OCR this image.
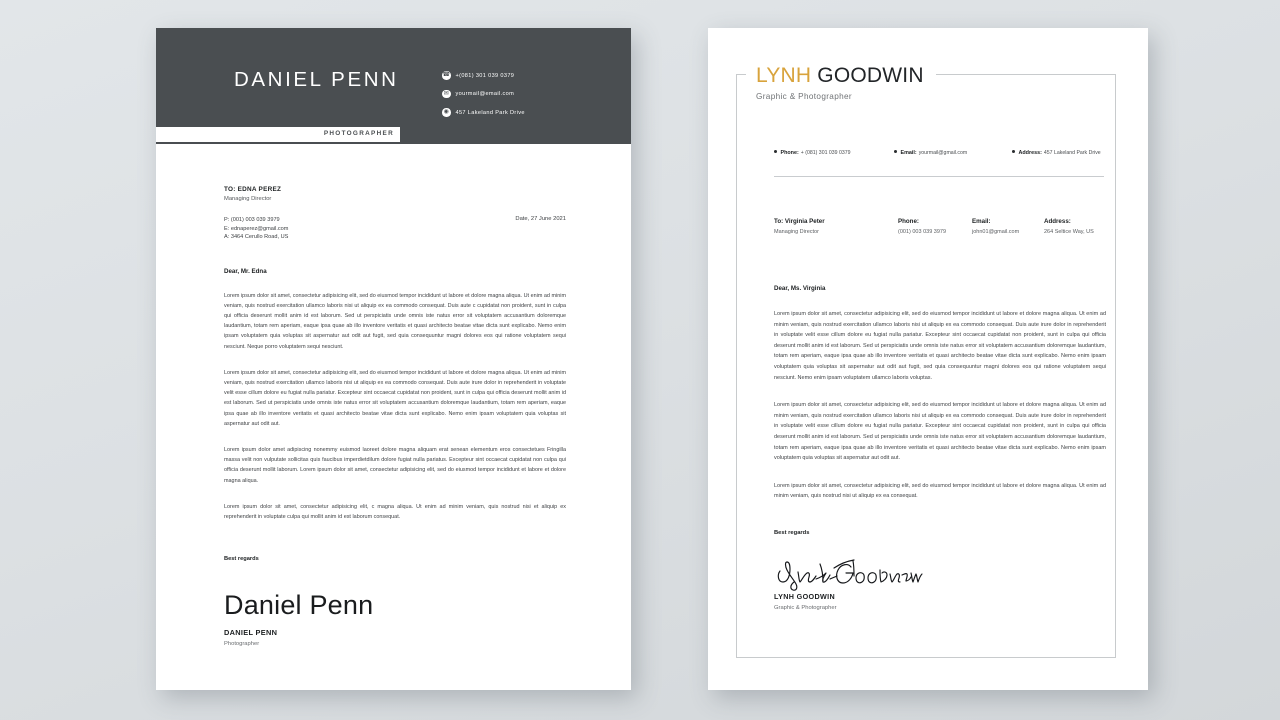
DANIEL PENN
PHOTOGRAPHER
☎ +(081) 301 039 0379
✉	yourmail@email.com
◉ 457 Lakeland Park Drive
TO: EDNA PEREZ
Managing Director
P: (001) 003 039 3979
E: ednaperez@gmail.com
A: 3464 Cerullo Road, US
Date, 27 June 2021
Dear, Mr. Edna
Lorem ipsum dolor sit amet, consectetur adipisicing elit, sed do eiusmod tempor incididunt ut labore et dolore magna aliqua. Ut enim ad minim veniam, quis nostrud exercitation ullamco laboris nisi ut aliquip ex ea commodo consequat. Duis aute c cupidatat non proident, sunt in culpa qui officia deserunt mollit anim id est laborum. Sed ut perspiciatis unde omnis iste natus error sit voluptatem accusantium doloremque laudantium, totam rem aperiam, eaque ipsa quae ab illo inventore veritatis et quasi architecto beatae vitae dicta sunt explicabo. Nemo enim ipsam voluptatem quia voluptas sit aspernatur aut odit aut fugit, sed quia consequuntur magni dolores eos qui ratione voluptatem sequi nesciunt. Neque porro voluptatem sequi nesciunt.
Lorem ipsum dolor sit amet, consectetur adipisicing elit, sed do eiusmod tempor incididunt ut labore et dolore magna aliqua. Ut enim ad minim veniam, quis nostrud exercitation ullamco laboris nisi ut aliquip ex ea commodo consequat. Duis aute irure dolor in reprehenderit in voluptate velit esse cillum dolore eu fugiat nulla pariatur. Excepteur sint occaecat cupidatat non proident, sunt in culpa qui officia deserunt mollit anim id est laborum. Sed ut perspiciatis unde omnis iste natus error sit voluptatem accusantium doloremque laudantium, totam rem aperiam, eaque ipsa quae ab illo inventore veritatis et quasi architecto beatae vitae dicta sunt explicabo. Nemo enim ipsam voluptatem quia voluptas sit aspernatur aut odit aut.
Lorem ipsum dolor amet adipiscing nonemmy euismod laoreet dolore magna aliquam erat senean elementum eros consectetues Fringilla massa velit non vulputate sollicitas quis faucibus imperdietdilum dolore fugiat nulla pariatus. Excepteur sint occaecat cupidatat non culpa qui officia deserunt mollit laborum. Lorem ipsum dolor sit amet, consectetur adipisicing elit, sed do eiusmod tempor incididunt et labore et dolore magna aliqua.
Lorem ipsum dolor sit amet, consectetur adipisicing elit, c magna aliqua. Ut enim ad minim veniam, quis nostrud nisi et aliquip ex reprehenderit in voluptate culpa qui mollit anim id est laborum consequat.
Best regards
Daniel Penn
DANIEL PENN
Photographer
LYNH GOODWIN
Graphic & Photographer
Phone: + (081) 301 039 0379	Email: yourmail@gmail.com	Address: 457 Lakeland Park Drive
To: Virginia Peter
Managing Director
Phone:
(001) 003 039 3979
Email:
john01@gmail.com
Address:
264 Seltice Way, US
Dear, Ms. Virginia
Lorem ipsum dolor sit amet, consectetur adipisicing elit, sed do eiusmod tempor incididunt ut labore et dolore magna aliqua. Ut enim ad minim veniam, quis nostrud exercitation ullamco laboris nisi ut aliquip ex ea commodo consequat. Duis aute irure dolor in reprehenderit in voluptate velit esse cillum dolore eu fugiat nulla pariatur. Excepteur sint occaecat cupidatat non proident, sunt in culpa qui officia deserunt mollit anim id est laborum. Sed ut perspiciatis unde omnis iste natus error sit voluptatem accusantium doloremque laudantium, totam rem aperiam, eaque ipsa quae ab illo inventore veritatis et quasi architecto beatae vitae dicta sunt explicabo. Nemo enim ipsam voluptatem quia voluptas sit aspernatur aut odit aut fugit, sed quia consequuntur magni dolores eos qui ratione voluptatem sequi nesciunt. Nemo enim ipsam voluptatem ullamco laboris voluptas.
Lorem ipsum dolor sit amet, consectetur adipisicing elit, sed do eiusmod tempor incididunt ut labore et dolore magna aliqua. Ut enim ad minim veniam, quis nostrud exercitation ullamco laboris nisi ut aliquip ex ea commodo consequat. Duis aute irure dolor in reprehenderit in voluptate velit esse cillum dolore eu fugiat nulla pariatur. Excepteur sint occaecat cupidatat non proident, sunt in culpa qui officia deserunt mollit anim id est laborum. Sed ut perspiciatis unde omnis iste natus error sit voluptatem accusantium doloremque laudantium, totam rem aperiam, eaque ipsa quae ab illo inventore veritatis et quasi architecto beatae vitae dicta sunt explicabo. Nemo enim ipsam voluptatem quia voluptas sit aspernatur aut odit aut.
Lorem ipsum dolor sit amet, consectetur adipisicing elit, sed do eiusmod tempor incididunt ut labore et dolore magna aliqua. Ut enim ad minim veniam, quis nostrud nisi ut aliquip ex ea consequat.
Best regards
LYNH GOODWIN
Graphic & Photographer
